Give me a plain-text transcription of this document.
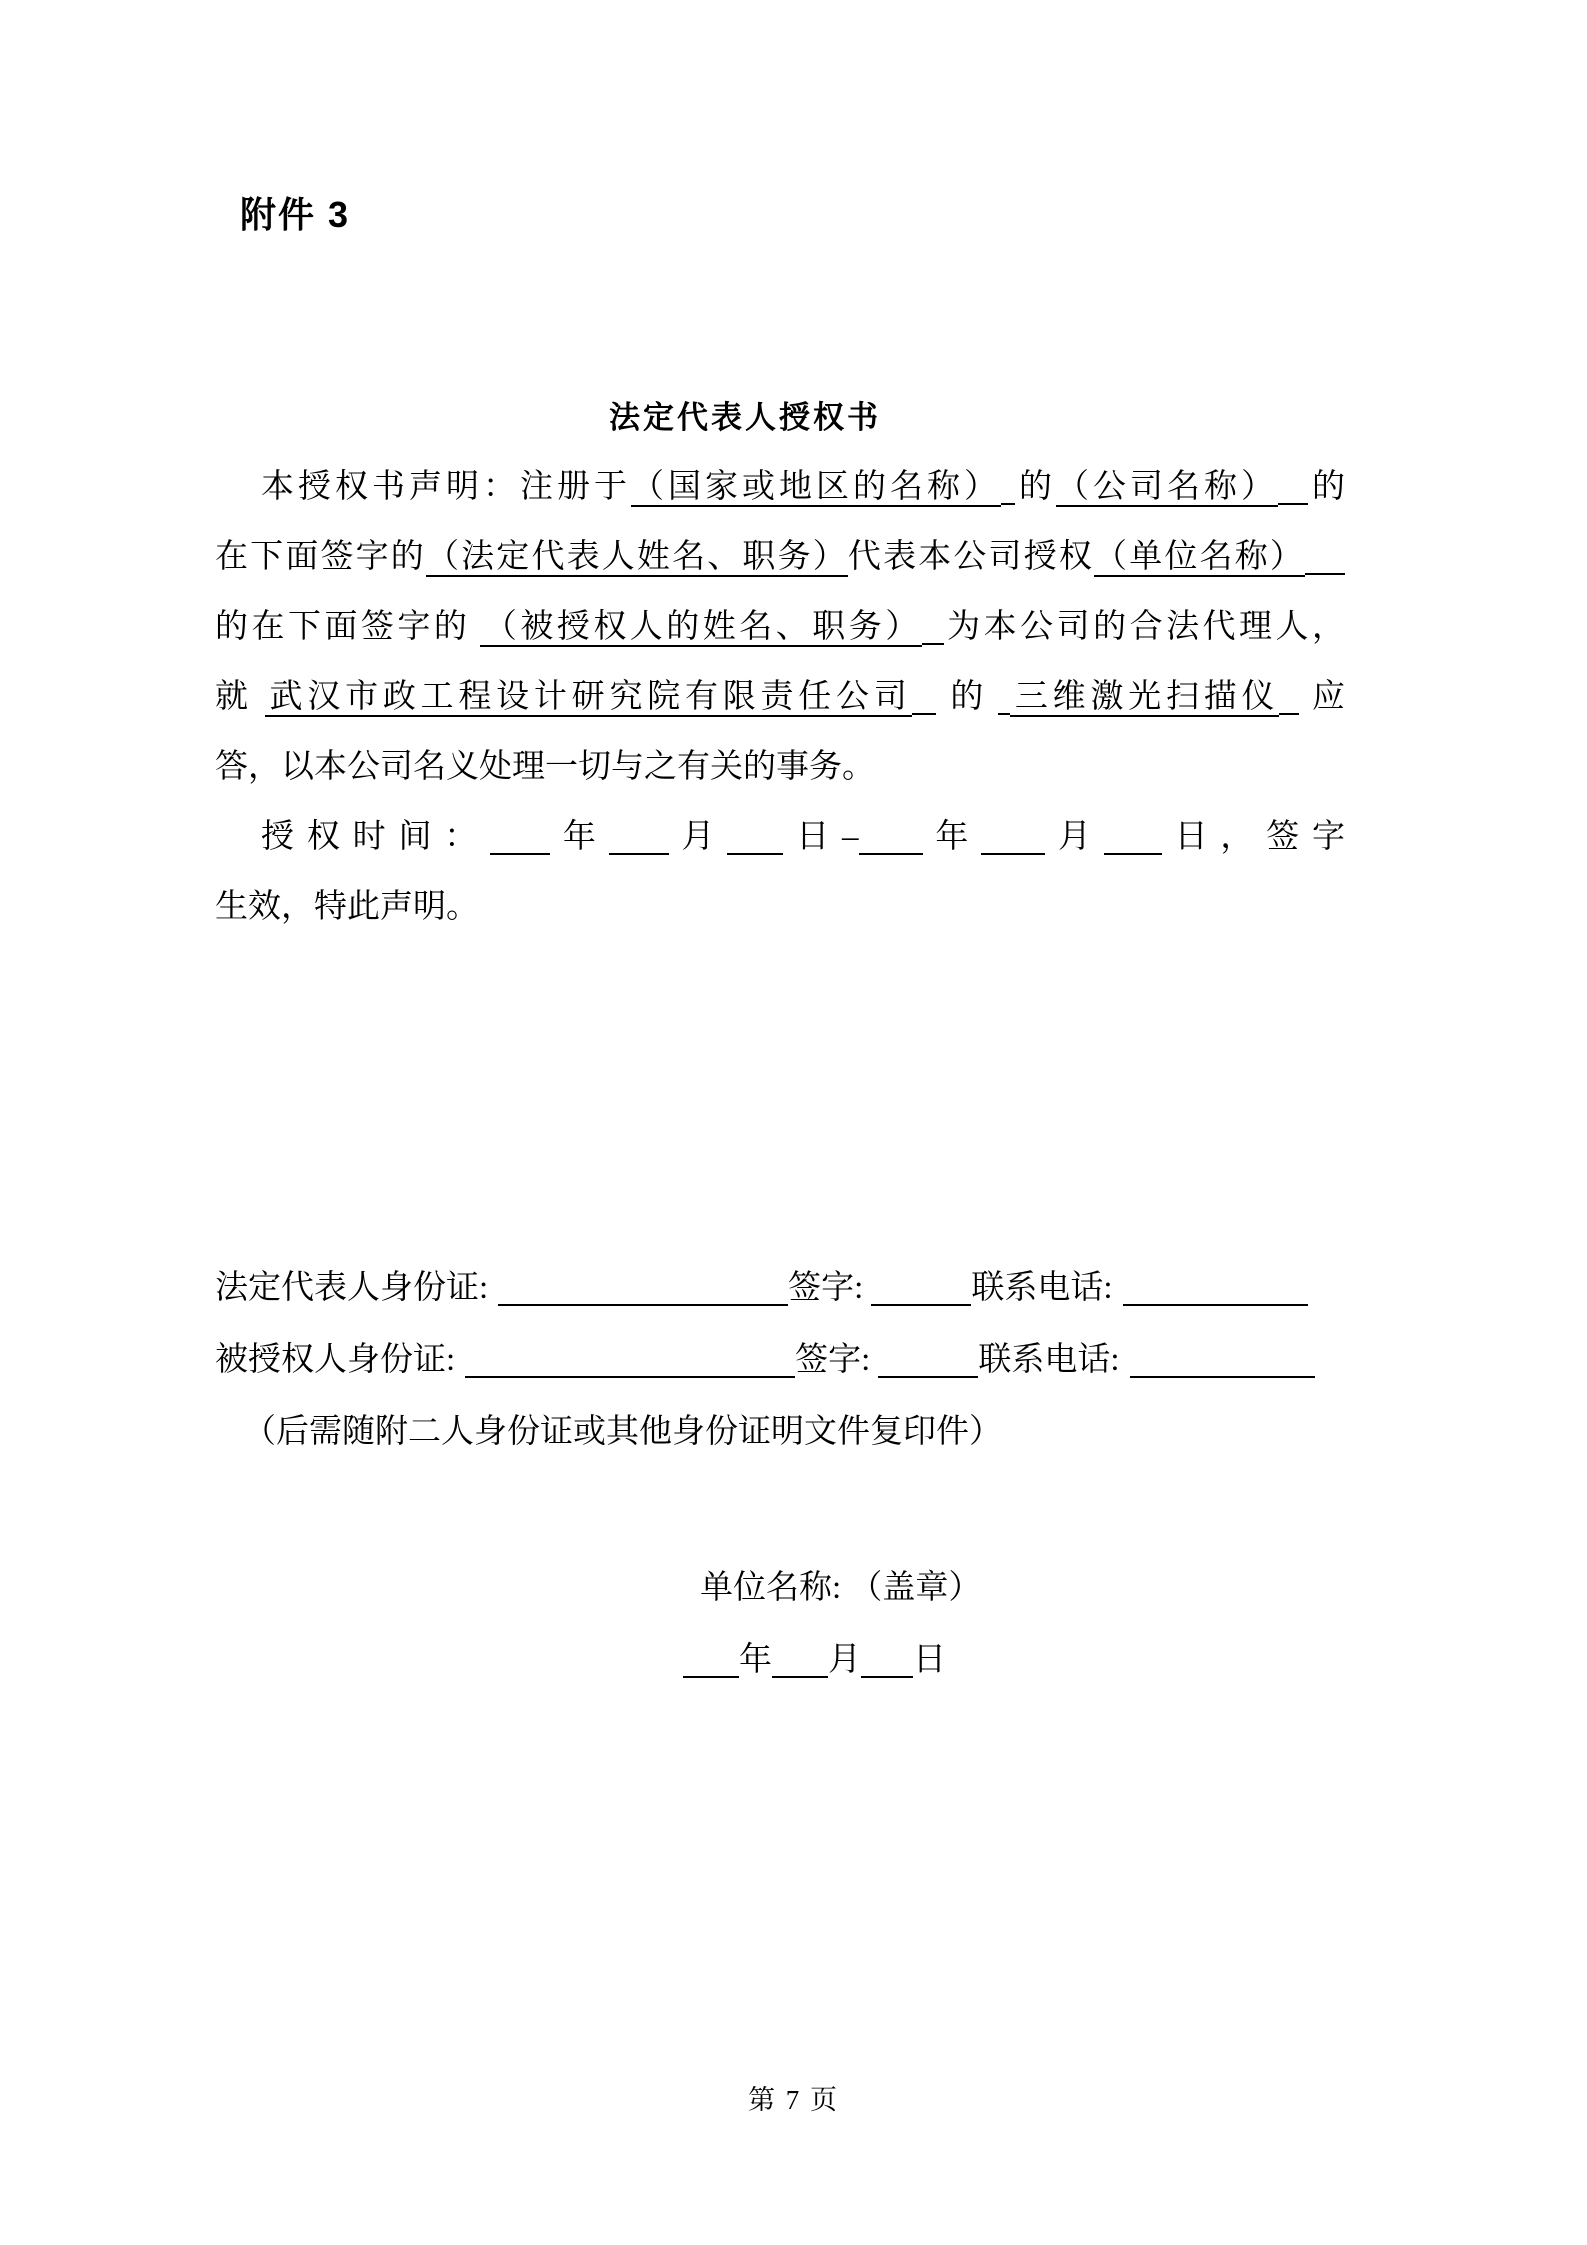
附件 3
法定代表人授权书
本授权书声明：注册于（国家或地区的名称） 的（公司名称） 的
在下面签字的（法定代表人姓名、职务）代表本公司授权（单位名称）
的在下面签字的 （被授权人的姓名、职务） 为本公司的合法代理人，
就 武汉市政工程设计研究院有限责任公司 的 三维激光扫描仪 应
答，以本公司名义处理一切与之有关的事务。
授权时间： 年 月 日– 年 月 日，签字
生效，特此声明。
法定代表人身份证:	签字:	联系电话:
被授权人身份证:	签字:	联系电话:
（后需随附二人身份证或其他身份证明文件复印件）
单位名称: （盖章）
年 月 日
第 7 页
